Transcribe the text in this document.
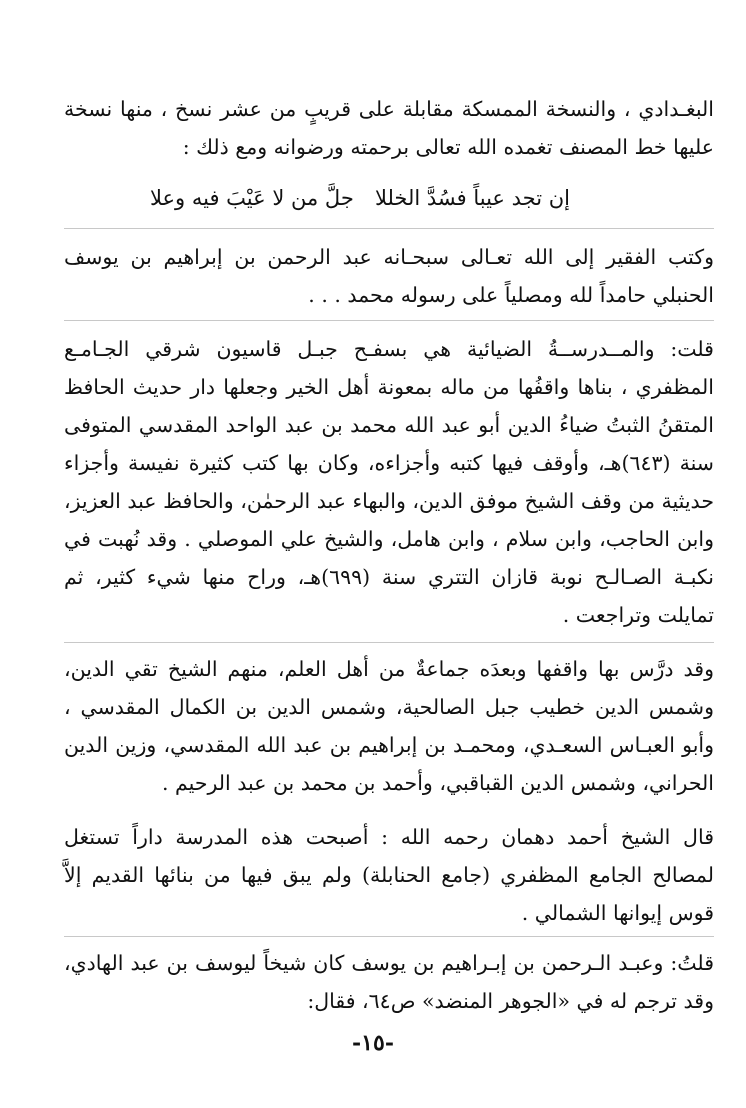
البغـدادي ، والنسخة الممسكة مقابلة على قريبٍ من عشر نسخ ، منها نسخة عليها خط المصنف تغمده الله تعالى برحمته ورضوانه ومع ذلك :

إن تجد عيباً فسُدَّ الخللا
جلَّ من لا عَيْبَ فيه وعلا

وكتب الفقير إلى الله تعـالى سبحـانه عبد الرحمن بن إبراهيم بن يوسف الحنبلي حامداً لله ومصلياً على رسوله محمد . . .

قلت: والمــدرســةُ الضيائية هي بسفـح جبـل قاسيون شرقي الجـامـع المظفري ، بناها واقفُها من ماله بمعونة أهل الخير وجعلها دار حديث الحافظ المتقنُ الثبتُ ضياءُ الدين أبو عبد الله محمد بن عبد الواحد المقدسي المتوفى سنة (٦٤٣)هـ، وأوقف فيها كتبه وأجزاءه، وكان بها كتب كثيرة نفيسة وأجزاء حديثية من وقف الشيخ موفق الدين، والبهاء عبد الرحمٰن، والحافظ عبد العزيز، وابن الحاجب، وابن سلام ، وابن هامل، والشيخ علي الموصلي . وقد نُهبت في نكبـة الصـالـح نوبة قازان التتري سنة (٦٩٩)هـ، وراح منها شيء كثير، ثم تمايلت وتراجعت .

وقد درَّس بها واقفها وبعدَه جماعةٌ من أهل العلم، منهم الشيخ تقي الدين، وشمس الدين خطيب جبل الصالحية، وشمس الدين بن الكمال المقدسي ، وأبو العبـاس السعـدي، ومحمـد بن إبراهيم بن عبد الله المقدسي، وزين الدين الحراني، وشمس الدين القباقبي، وأحمد بن محمد بن عبد الرحيم .

قال الشيخ أحمد دهمان رحمه الله : أصبحت هذه المدرسة داراً تستغل لمصالح الجامع المظفري (جامع الحنابلة) ولم يبق فيها من بنائها القديم إلاَّ قوس إيوانها الشمالي .

قلتُ: وعبـد الـرحمن بن إبـراهيم بن يوسف كان شيخاً ليوسف بن عبد الهادي، وقد ترجم له في «الجوهر المنضد» ص٦٤، فقال:

-١٥-
